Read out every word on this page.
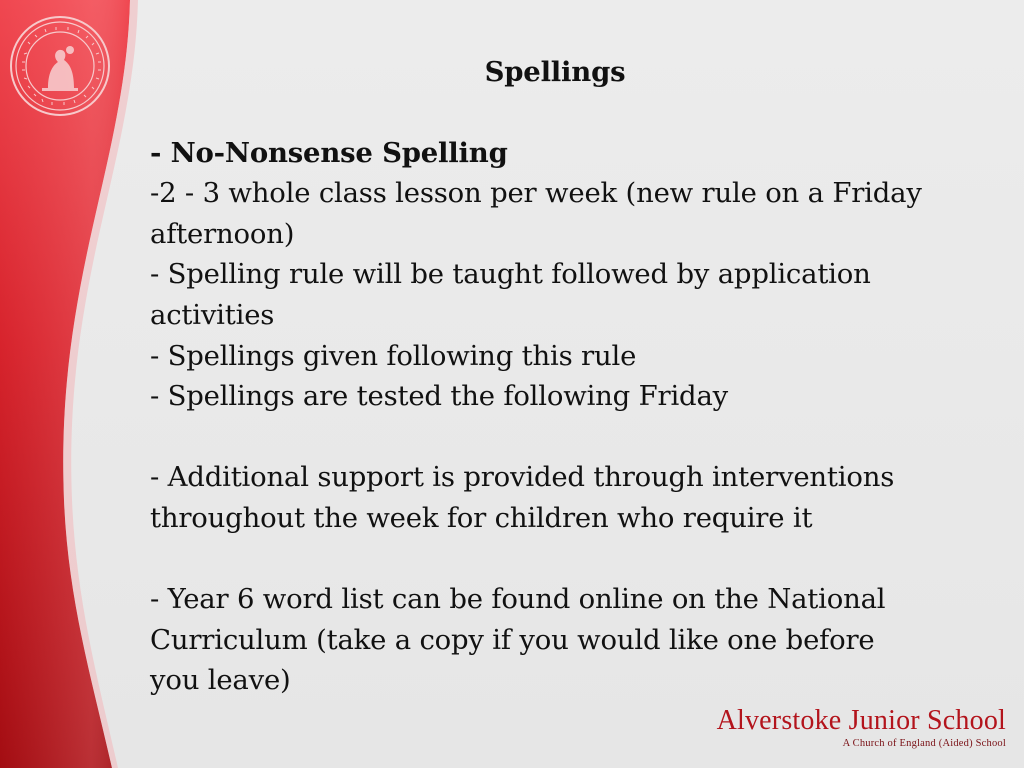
Spellings
- No-Nonsense Spelling
-2 - 3 whole class lesson per week (new rule on a Friday
afternoon)
- Spelling rule will be taught followed by application
activities
- Spellings given following this rule
- Spellings are tested the following Friday
- Additional support is provided through interventions
throughout the week for children who require it
- Year 6 word list can be found online on the National
Curriculum (take a copy if you would like one before
you leave)
Alverstoke Junior School
A Church of England (Aided) School
